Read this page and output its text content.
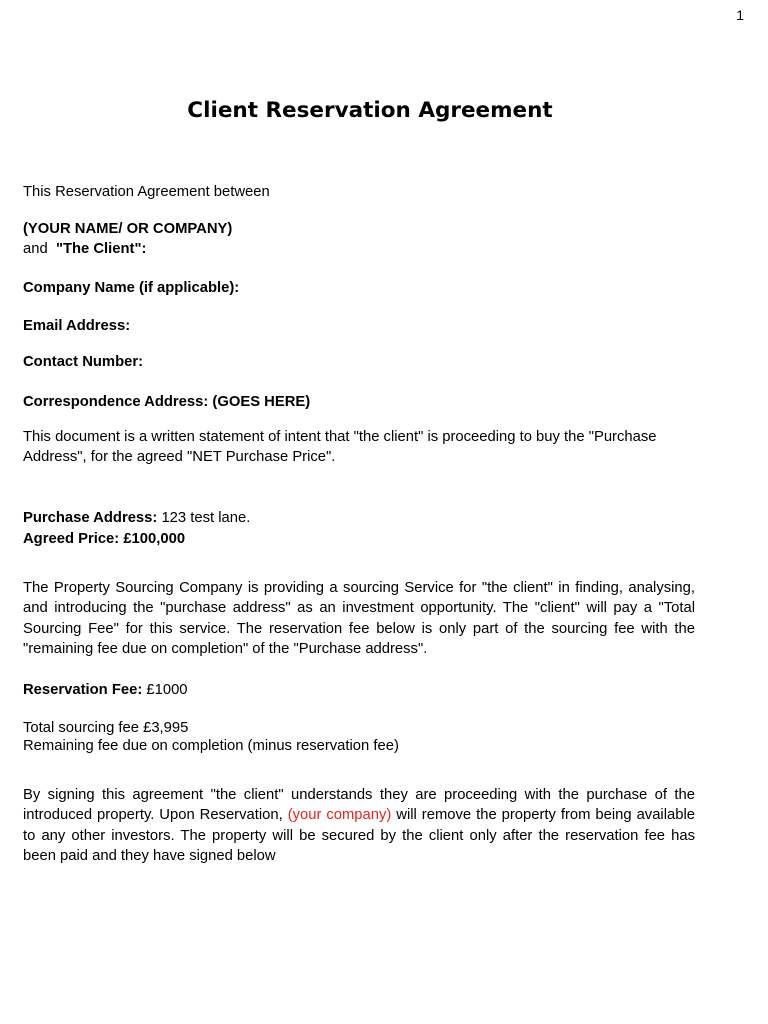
1
Client Reservation Agreement
This Reservation Agreement between
(YOUR NAME/ OR COMPANY)
and "The Client":
Company Name (if applicable):
Email Address:
Contact Number:
Correspondence Address: (GOES HERE)
This document is a written statement of intent that "the client" is proceeding to buy the "Purchase Address", for the agreed "NET Purchase Price".
Purchase Address: 123 test lane.
Agreed Price: £100,000
The Property Sourcing Company is providing a sourcing Service for "the client" in finding, analysing, and introducing the "purchase address" as an investment opportunity. The "client" will pay a "Total Sourcing Fee" for this service. The reservation fee below is only part of the sourcing fee with the "remaining fee due on completion" of the "Purchase address".
Reservation Fee: £1000
Total sourcing fee £3,995
Remaining fee due on completion (minus reservation fee)
By signing this agreement "the client" understands they are proceeding with the purchase of the introduced property. Upon Reservation, (your company) will remove the property from being available to any other investors. The property will be secured by the client only after the reservation fee has been paid and they have signed below
